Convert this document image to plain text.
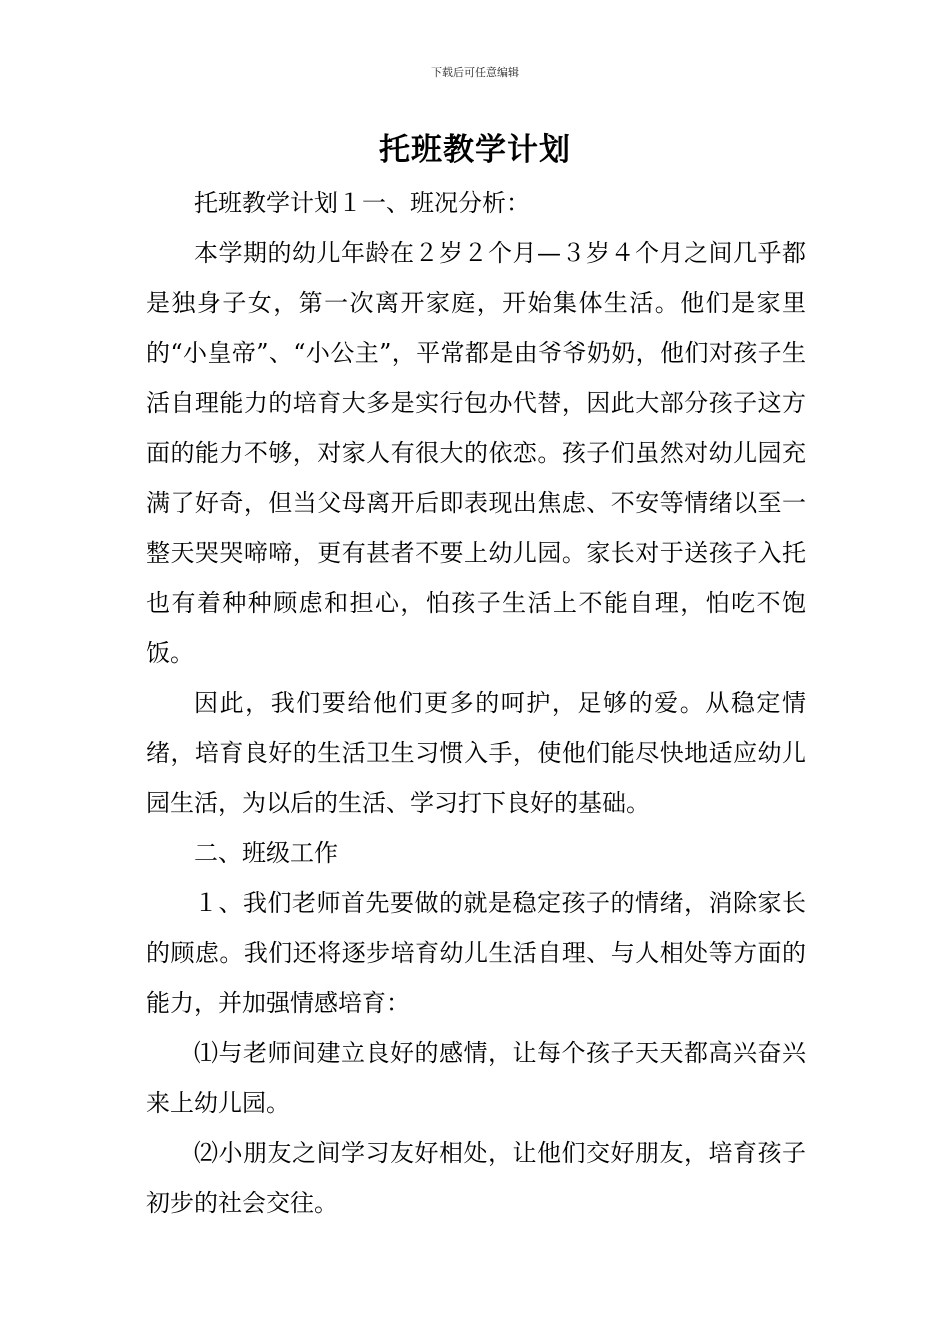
下载后可任意编辑
托班教学计划

托班教学计划１一、班况分析：

本学期的幼儿年龄在２岁２个月—３岁４个月之间几乎都是独身子女，第一次离开家庭，开始集体生活。他们是家里的“小皇帝”、“小公主”，平常都是由爷爷奶奶，他们对孩子生活自理能力的培育大多是实行包办代替，因此大部分孩子这方面的能力不够，对家人有很大的依恋。孩子们虽然对幼儿园充满了好奇，但当父母离开后即表现出焦虑、不安等情绪以至一整天哭哭啼啼，更有甚者不要上幼儿园。家长对于送孩子入托也有着种种顾虑和担心，怕孩子生活上不能自理，怕吃不饱饭。

因此，我们要给他们更多的呵护，足够的爱。从稳定情绪，培育良好的生活卫生习惯入手，使他们能尽快地适应幼儿园生活，为以后的生活、学习打下良好的基础。

二、班级工作

１、我们老师首先要做的就是稳定孩子的情绪，消除家长的顾虑。我们还将逐步培育幼儿生活自理、与人相处等方面的能力，并加强情感培育：

⑴与老师间建立良好的感情，让每个孩子天天都高兴奋兴来上幼儿园。

⑵小朋友之间学习友好相处，让他们交好朋友，培育孩子初步的社会交往。
